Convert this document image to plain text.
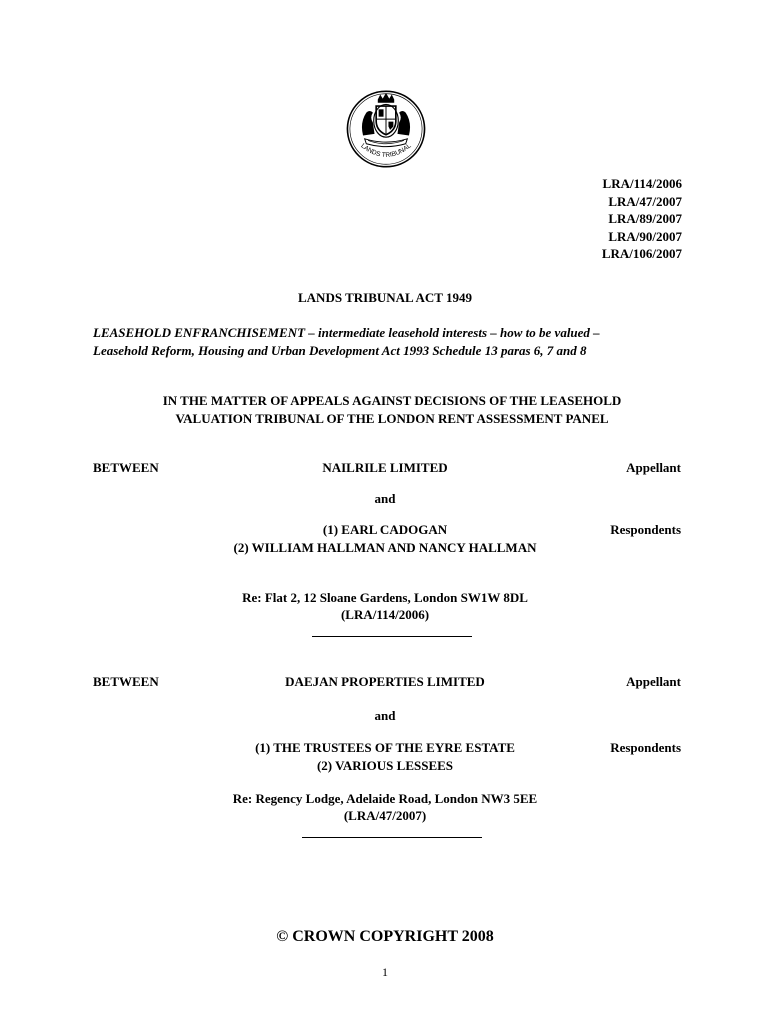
LANDS TRIBUNAL
LRA/114/2006
LRA/47/2007
LRA/89/2007
LRA/90/2007
LRA/106/2007
LANDS TRIBUNAL ACT 1949
LEASEHOLD ENFRANCHISEMENT – intermediate leasehold interests – how to be valued –
Leasehold Reform, Housing and Urban Development Act 1993 Schedule 13 paras 6, 7 and 8
IN THE MATTER OF APPEALS AGAINST DECISIONS OF THE LEASEHOLD
VALUATION TRIBUNAL OF THE LONDON RENT ASSESSMENT PANEL
BETWEEN	NAILRILE LIMITED	Appellant
and
(1) EARL CADOGAN
(2) WILLIAM HALLMAN AND NANCY HALLMAN
Respondents
Re: Flat 2, 12 Sloane Gardens, London SW1W 8DL
(LRA/114/2006)
BETWEEN	DAEJAN PROPERTIES LIMITED	Appellant
and
(1) THE TRUSTEES OF THE EYRE ESTATE
(2) VARIOUS LESSEES
Respondents
Re: Regency Lodge, Adelaide Road, London NW3 5EE
(LRA/47/2007)
© CROWN COPYRIGHT 2008
1
